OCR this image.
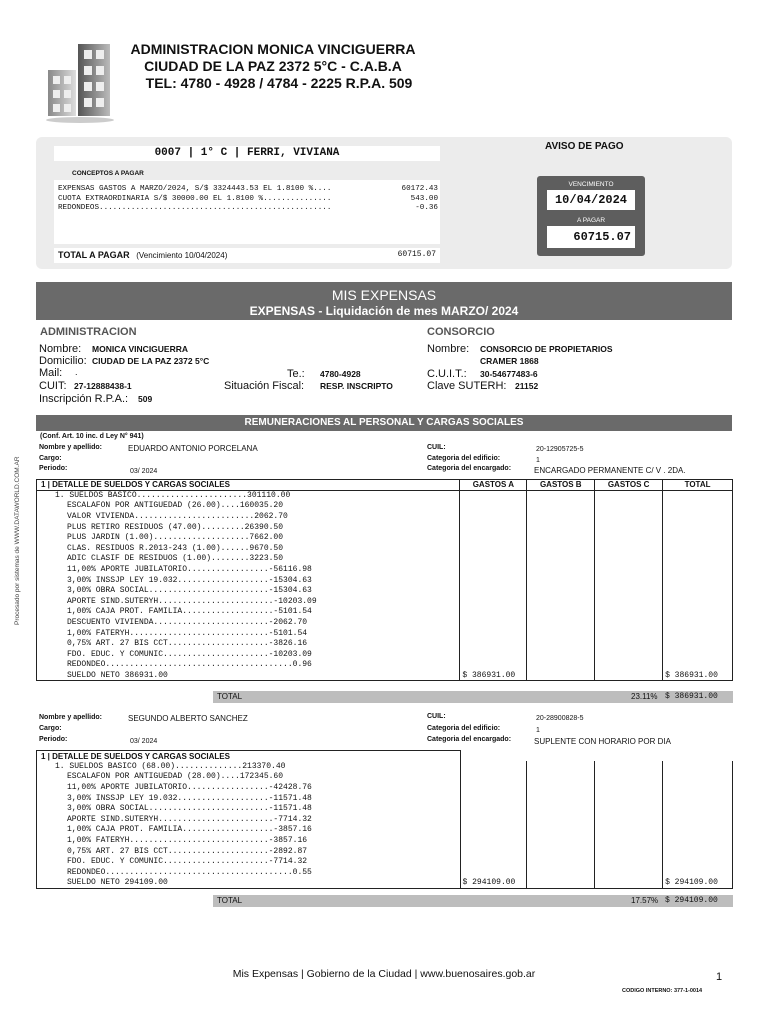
ADMINISTRACION MONICA VINCIGUERRA
CIUDAD DE LA PAZ 2372 5°C - C.A.B.A
TEL: 4780 - 4928 / 4784 - 2225 R.P.A. 509
0007 | 1° C | FERRI, VIVIANA
AVISO DE PAGO
CONCEPTOS A PAGAR
EXPENSAS GASTOS A MARZO/2024, S/$ 3324443.53 EL 1.8100 %....	60172.43
CUOTA EXTRAORDINARIA S/$ 30000.00 EL 1.8100 %...............	543.00
REDONDEOS...................................................	-0.36
TOTAL A PAGAR (Vencimiento 10/04/2024)	60715.07
VENCIMIENTO
10/04/2024
A PAGAR
60715.07
MIS EXPENSAS
EXPENSAS - Liquidación de mes MARZO/ 2024
ADMINISTRACION
Nombre: MONICA VINCIGUERRA
Domicilio: CIUDAD DE LA PAZ 2372 5°C
Mail: .	Te.: 4780-4928
CUIT: 27-12888438-1	Situación Fiscal: RESP. INSCRIPTO
Inscripción R.P.A.: 509
CONSORCIO
Nombre: CONSORCIO DE PROPIETARIOS
CRAMER 1868
C.U.I.T.: 30-54677483-6
Clave SUTERH: 21152
REMUNERACIONES AL PERSONAL Y CARGAS SOCIALES
(Conf. Art. 10 inc. d Ley N° 941)
Procesado por sistemas de WWW.DATAWORLD.COM.AR
Nombre y apellido:	EDUARDO ANTONIO PORCELANA
Cargo:
Periodo:	03/ 2024
CUIL:	20-12905725-5
Categoria del edificio:	1
Categoria del encargado:	ENCARGADO PERMANENTE C/ V . 2DA.
1 | DETALLE DE SUELDOS Y CARGAS SOCIALES	GASTOS A	GASTOS B	GASTOS C	TOTAL
1. SUELDOS BASICO.......................301110.00				
ESCALAFON POR ANTIGUEDAD (26.00)....160035.20				
VALOR VIVIENDA.........................2062.70				
PLUS RETIRO RESIDUOS (47.00).........26390.50				
PLUS JARDIN (1.00)....................7662.00				
CLAS. RESIDUOS R.2013-243 (1.00)......9670.50				
ADIC CLASIF DE RESIDUOS (1.00)........3223.50				
11,00% APORTE JUBILATORIO.................-56116.98				
3,00% INSSJP LEY 19.032...................-15304.63				
3,00% OBRA SOCIAL.........................-15304.63				
APORTE SIND.SUTERYH........................-10203.09				
1,00% CAJA PROT. FAMILIA...................-5101.54				
DESCUENTO VIVIENDA........................-2062.70				
1,00% FATERYH.............................-5101.54				
0,75% ART. 27 BIS CCT.....................-3826.16				
FDO. EDUC. Y COMUNIC......................-10203.09				
REDONDEO.......................................0.96				
SUELDO NETO 386931.00	$ 386931.00			$ 386931.00
TOTAL	23.11% $ 386931.00
Nombre y apellido:	SEGUNDO ALBERTO SANCHEZ
Cargo:
Periodo:	03/ 2024
CUIL:	20-28900828-5
Categoria del edificio:	1
Categoria del encargado:	SUPLENTE CON HORARIO POR DIA
1 | DETALLE DE SUELDOS Y CARGAS SOCIALES				
1. SUELDOS BASICO (68.00)..............213370.40				
ESCALAFON POR ANTIGUEDAD (28.00)....172345.60				
11,00% APORTE JUBILATORIO.................-42428.76				
3,00% INSSJP LEY 19.032...................-11571.48				
3,00% OBRA SOCIAL.........................-11571.48				
APORTE SIND.SUTERYH........................-7714.32				
1,00% CAJA PROT. FAMILIA...................-3857.16				
1,00% FATERYH.............................-3857.16				
0,75% ART. 27 BIS CCT.....................-2892.87				
FDO. EDUC. Y COMUNIC......................-7714.32				
REDONDEO.......................................0.55				
SUELDO NETO 294109.00	$ 294109.00			$ 294109.00
TOTAL	17.57% $ 294109.00
Mis Expensas | Gobierno de la Ciudad | www.buenosaires.gob.ar	1
CODIGO INTERNO: 377-1-0014
